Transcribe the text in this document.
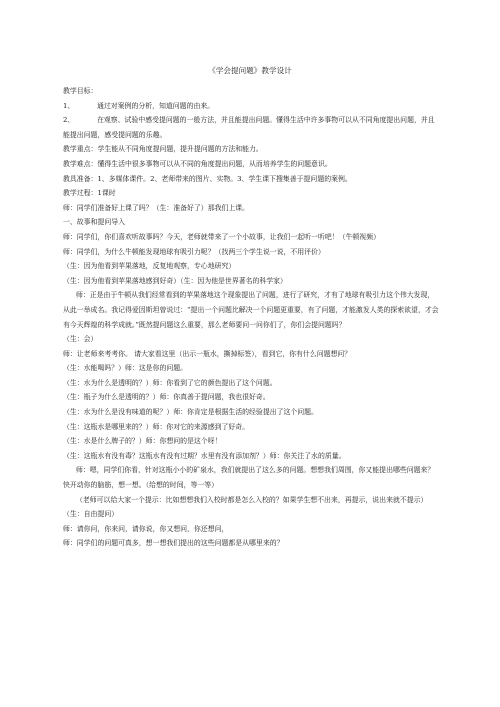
《学会提问题》教学设计

教学目标：

1、	通过对案例的分析，知道问题的由来。

2、	在观察、试验中感受提问题的一般方法，并且能提出问题。懂得生活中许多事物可以从不同角度提出问题，并且能提出问题，感受提问题的乐趣。

教学重点：学生能从不同角度提问题，提升提问题的方法和能力。

教学难点：懂得生活中很多事物可以从不同的角度提出问题，从而培养学生的问题意识。

教具准备：1、多媒体课件。2、老师带来的图片、实物。3、学生课下搜集善于提问题的案例。

教学过程：1课时

师：同学们准备好上课了吗？（生：准备好了）那我们上课。

一、故事和提问导入

师：同学们，你们喜欢听故事吗？今天，老师就带来了一个小故事，让我们一起听一听吧！（牛顿视频）

师：同学们，为什么牛顿能发现地球有吸引力呢？（找两三个学生说一说，不用评价）

（生：因为他看到苹果落地，反复地观察，专心地研究）

（生：因为他看到苹果落地感到好奇）（生：因为他是世界著名的科学家）

师：正是由于牛顿从我们经常看到的苹果落地这个现象提出了问题，进行了研究，才有了地球有吸引力这个伟大发现，从此一举成名。我记得爱因斯坦曾说过：“提出一个问题比解决一个问题更重要，有了问题，才能激发人类的探索欲望，才会有今天辉煌的科学成就。”既然提问题这么重要，那么老师要问一问你们了，你们会提问题吗？

（生：会）

师：让老师来考考你。 请大家看这里（出示一瓶水，撕掉标签），看到它，你有什么问题想问？

（生：水能喝吗？）师：这是你的问题。

（生：水为什么是透明的？）师：你看到了它的颜色提出了这个问题。

（生：瓶子为什么是透明的？）师：你真善于提问题，我也很好奇。

（生：水为什么是没有味道的呢？）师：你肯定是根据生活的经验提出了这个问题。

（生：这瓶水是哪里来的？）师：你对它的来源感到了好奇。

（生：水是什么牌子的？）师：你想问的是这个呀！

（生：这瓶水有没有毒？这瓶水有没有过期？水里有没有添加剂？）师：你关注了水的质量。

师：嗯，同学们你看，针对这瓶小小的矿泉水，我们就提出了这么多的问题。想想我们周围，你又能提出哪些问题来？快开动你的脑筋，想一想。（给想的时间，等一等）

（老师可以给大家一个提示：比如想想我们入校时都是怎么入校的？如果学生想不出来，再提示，说出来就不提示）（生：自由提问）

师：请你问，你来问，请你说，你又想问，你还想问，

师：同学们的问题可真多，想一想我们提出的这些问题都是从哪里来的？
